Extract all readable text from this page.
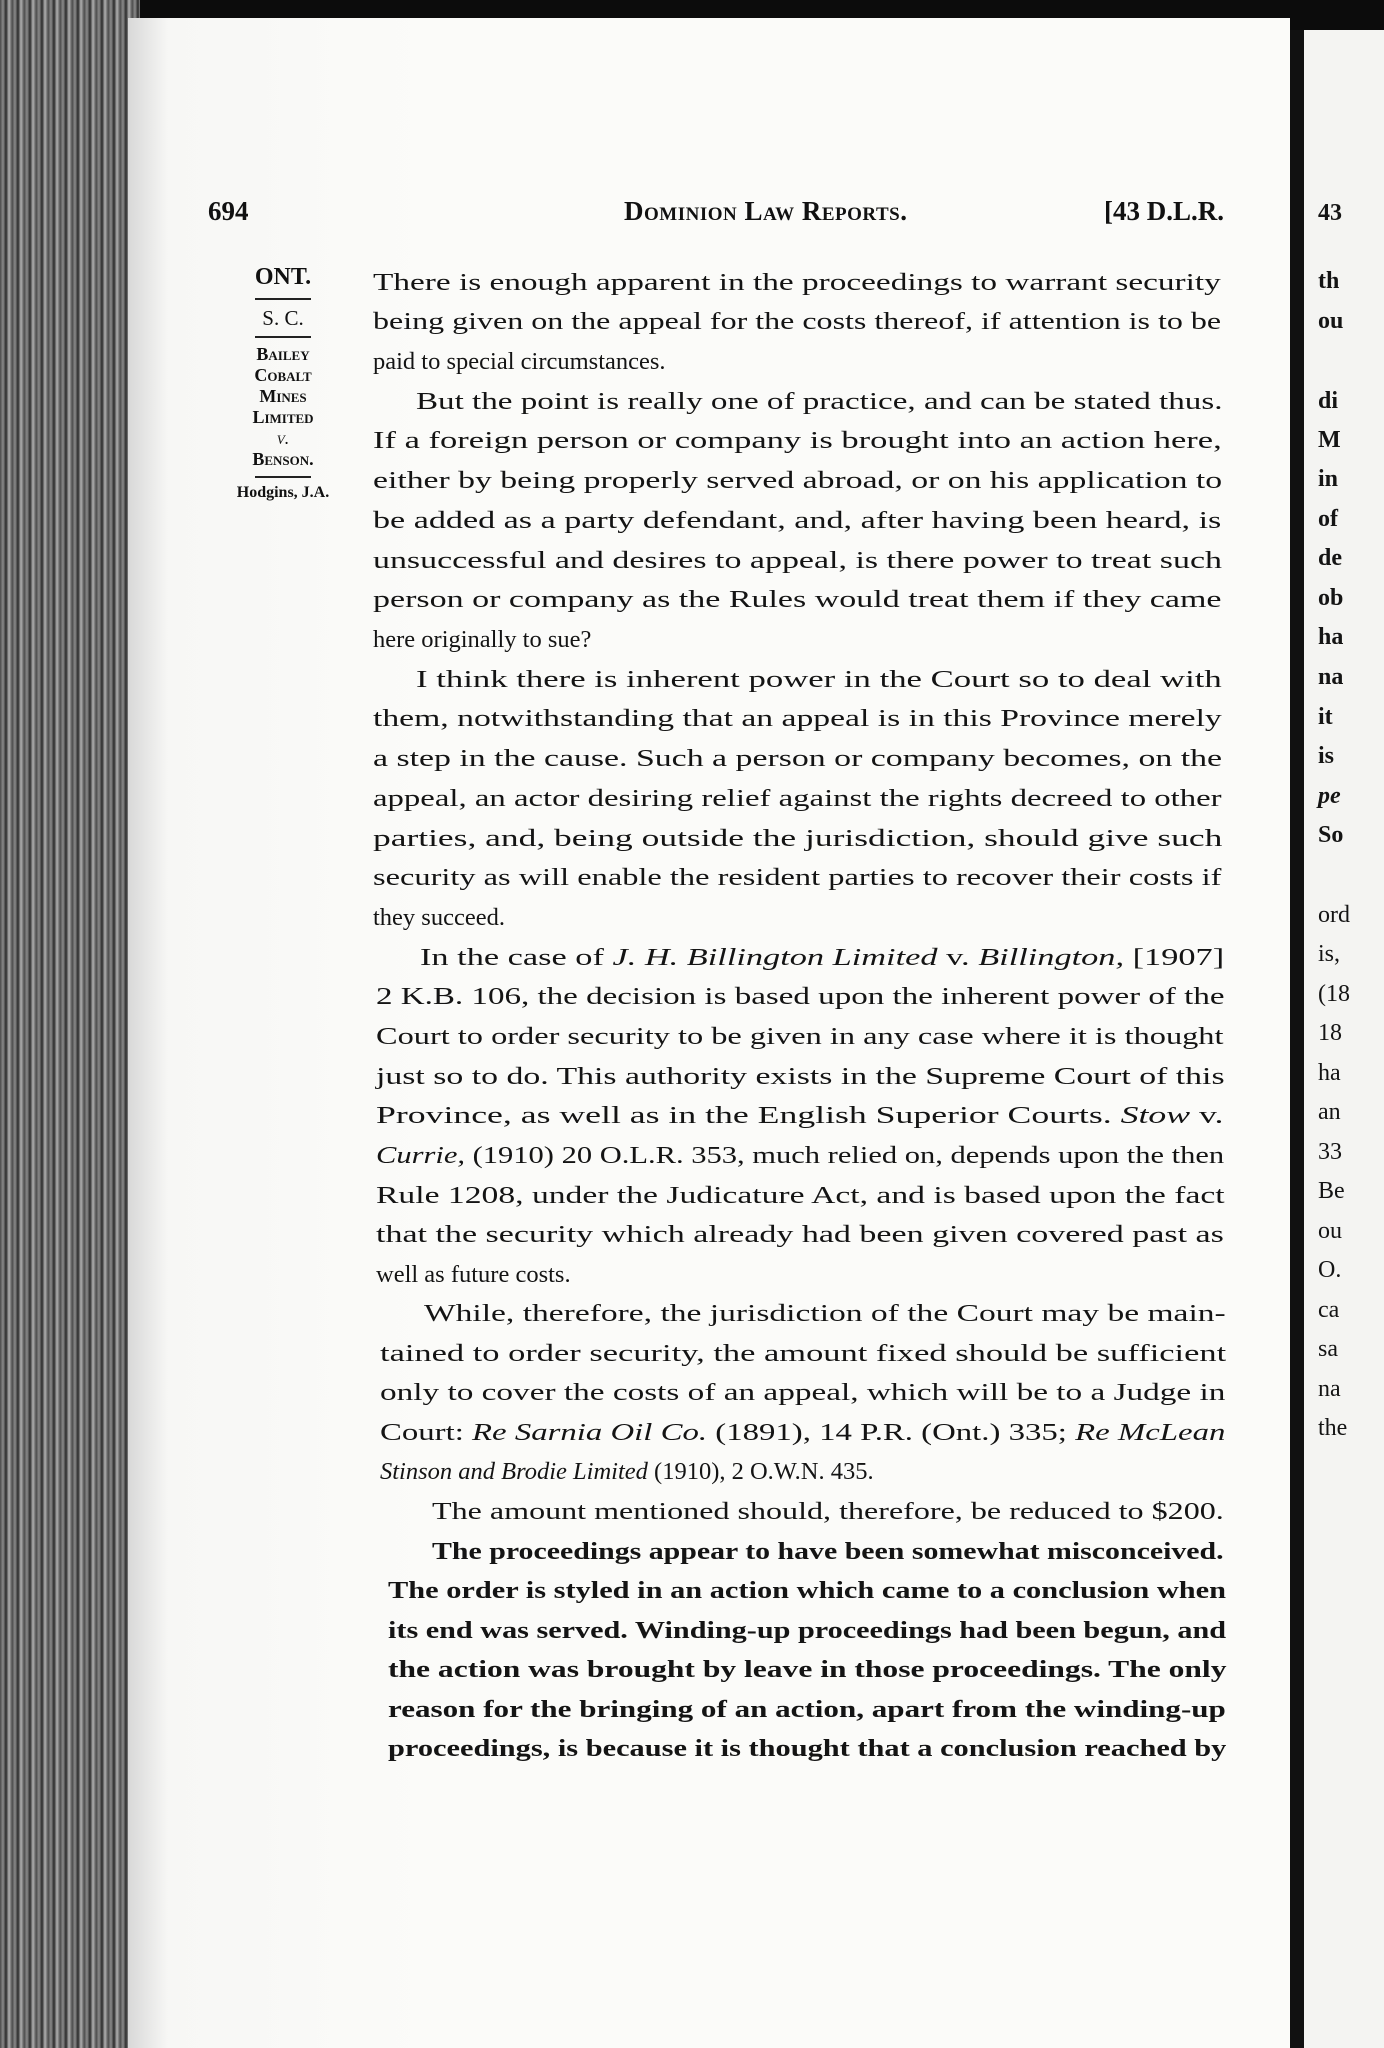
694	Dominion Law Reports.	[43 D.L.R.
ONT.
S. C.
Bailey
Cobalt
Mines
Limited
v.
Benson.
Hodgins, J.A.
There is enough apparent in the proceedings to warrant security
being given on the appeal for the costs thereof, if attention is to be
paid to special circumstances.
But the point is really one of practice, and can be stated thus.
If a foreign person or company is brought into an action here,
either by being properly served abroad, or on his application to
be added as a party defendant, and, after having been heard, is
unsuccessful and desires to appeal, is there power to treat such
person or company as the Rules would treat them if they came
here originally to sue?
I think there is inherent power in the Court so to deal with
them, notwithstanding that an appeal is in this Province merely
a step in the cause. Such a person or company becomes, on the
appeal, an actor desiring relief against the rights decreed to other
parties, and, being outside the jurisdiction, should give such
security as will enable the resident parties to recover their costs if
they succeed.
In the case of J. H. Billington Limited v. Billington, [1907]
2 K.B. 106, the decision is based upon the inherent power of the
Court to order security to be given in any case where it is thought
just so to do. This authority exists in the Supreme Court of this
Province, as well as in the English Superior Courts. Stow v.
Currie, (1910) 20 O.L.R. 353, much relied on, depends upon the then
Rule 1208, under the Judicature Act, and is based upon the fact
that the security which already had been given covered past as
well as future costs.
While, therefore, the jurisdiction of the Court may be main-
tained to order security, the amount fixed should be sufficient
only to cover the costs of an appeal, which will be to a Judge in
Court: Re Sarnia Oil Co. (1891), 14 P.R. (Ont.) 335; Re McLean
Stinson and Brodie Limited (1910), 2 O.W.N. 435.
The amount mentioned should, therefore, be reduced to $200.
The proceedings appear to have been somewhat misconceived.
The order is styled in an action which came to a conclusion when
its end was served. Winding-up proceedings had been begun, and
the action was brought by leave in those proceedings. The only
reason for the bringing of an action, apart from the winding-up
proceedings, is because it is thought that a conclusion reached by
43
th
ou
di
M
in
of
de
ob
ha
na
it
is
pe
So
ord
is,
(18
18
ha
an
33
Be
ou
O.
ca
sa
na
the
